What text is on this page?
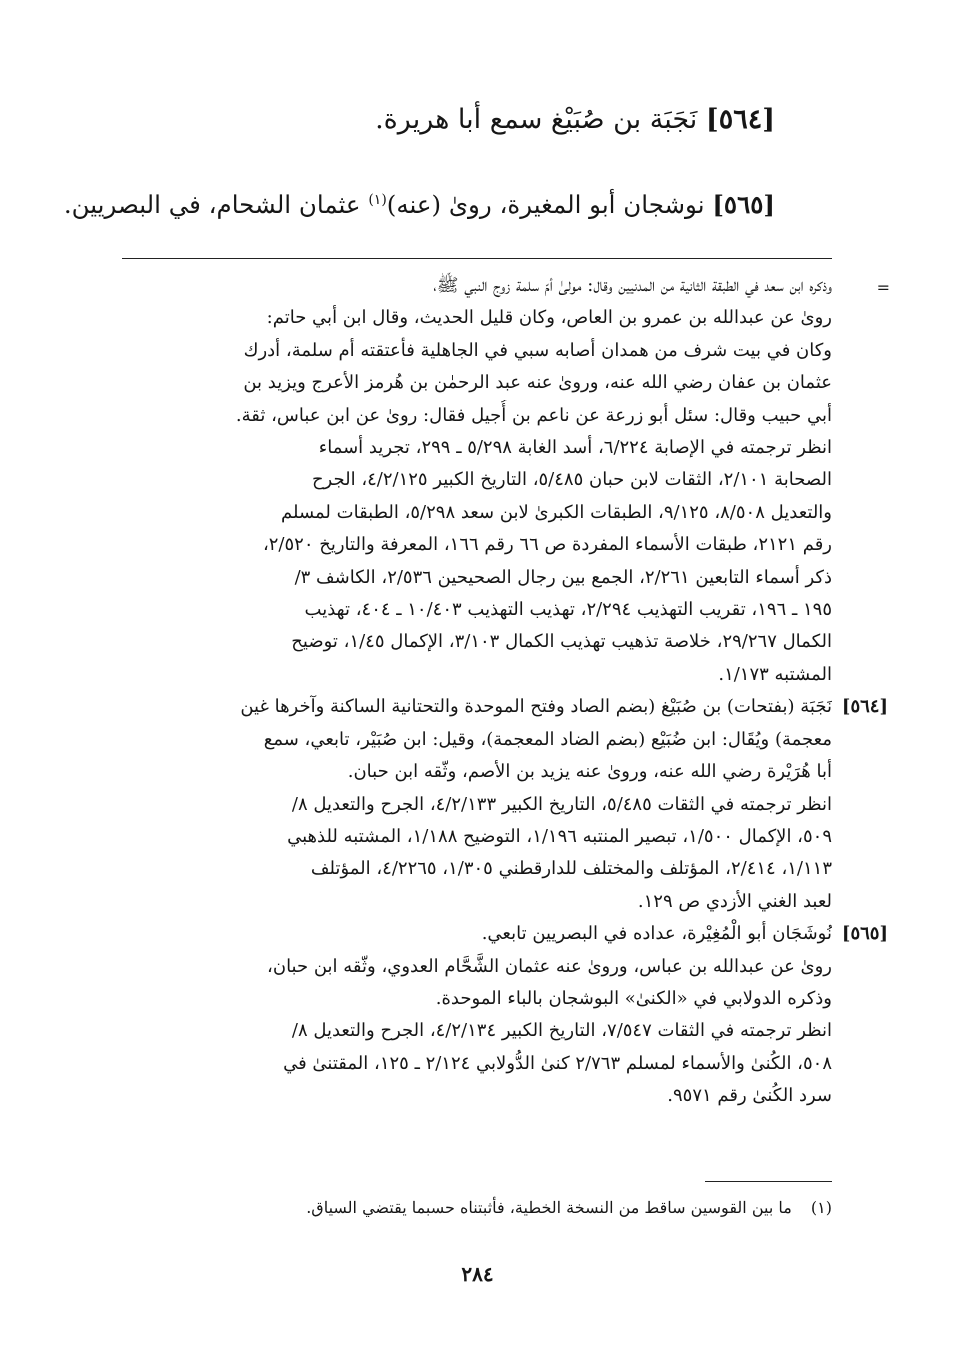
[٥٦٤] نَجَبَة بن صُبَيْغ سمع أبا هريرة.
[٥٦٥] نوشجان أبو المغيرة، روىٰ (عنه)$^{(١)}$ عثمان الشحام، في البصريين.
=
وذكره ابن سعد في الطبقة الثانية من المدنيين وقال: مولىٰ أمّ سلمة زوج النبي ﷺ،
روىٰ عن عبدالله بن عمرو بن العاص، وكان قليل الحديث، وقال ابن أبي حاتم:
وكان في بيت شرف من همدان أصابه سبي في الجاهلية فأعتقته أم سلمة، أدرك
عثمان بن عفان رضي الله عنه، وروىٰ عنه عبد الرحمٰن بن هُرمز الأعرج ويزيد بن
أبي حبيب وقال: سئل أبو زرعة عن ناعم بن أُجيل فقال: روىٰ عن ابن عباس، ثقة.
انظر ترجمته في الإصابة ٦/٢٢٤، أسد الغابة ٥/٢٩٨ ـ ٢٩٩، تجريد أسماء
الصحابة ٢/١٠١، الثقات لابن حبان ٥/٤٨٥، التاريخ الكبير ٤/٢/١٢٥، الجرح
والتعديل ٨/٥٠٨، ٩/١٢٥، الطبقات الكبرىٰ لابن سعد ٥/٢٩٨، الطبقات لمسلم
رقم ٢١٢١، طبقات الأسماء المفردة ص ٦٦ رقم ١٦٦، المعرفة والتاريخ ٢/٥٢٠،
ذكر أسماء التابعين ٢/٢٦١، الجمع بين رجال الصحيحين ٢/٥٣٦، الكاشف ٣/
١٩٥ ـ ١٩٦، تقريب التهذيب ٢/٢٩٤، تهذيب التهذيب ١٠/٤٠٣ ـ ٤٠٤، تهذيب
الكمال ٢٩/٢٦٧، خلاصة تذهيب تهذيب الكمال ٣/١٠٣، الإكمال ١/٤٥، توضيح
المشتبه ١/١٧٣.
[٥٦٤]
نَجَبَة (بفتحات) بن صُبَيْغ (بضم الصاد وفتح الموحدة والتحتانية الساكنة وآخرها غين
معجمة) ويُقَال: ابن ضُبَيْع (بضم الضاد المعجمة)، وقيل: ابن صُبَيْر، تابعي، سمع
أبا هُرَيْرة رضي الله عنه، وروىٰ عنه يزيد بن الأصم، وثّقه ابن حبان.
انظر ترجمته في الثقات ٥/٤٨٥، التاريخ الكبير ٤/٢/١٣٣، الجرح والتعديل ٨/
٥٠٩، الإكمال ١/٥٠٠، تبصير المنتبه ١/١٩٦، التوضيح ١/١٨٨، المشتبه للذهبي
١/١١٣، ٢/٤١٤، المؤتلف والمختلف للدارقطني ١/٣٠٥، ٤/٢٢٦٥، المؤتلف
لعبد الغني الأزدي ص ١٢٩.
[٥٦٥]
نُوشَجَان أبو الْمُغِيْرة، عداده في البصريين تابعي.
روىٰ عن عبدالله بن عباس، وروىٰ عنه عثمان الشَّحَّام العدوي، وثّقه ابن حبان،
وذكره الدولابي في «الكنىٰ» البوشجان بالباء الموحدة.
انظر ترجمته في الثقات ٧/٥٤٧، التاريخ الكبير ٤/٢/١٣٤، الجرح والتعديل ٨/
٥٠٨، الكُنىٰ والأسماء لمسلم ٢/٧٦٣ كنىٰ الدُّولابي ٢/١٢٤ ـ ١٢٥، المقتنىٰ في
سرد الكُنىٰ رقم ٩٥٧١.
(١) ما بين القوسين ساقط من النسخة الخطية، فأثبتناه حسبما يقتضي السياق.
٢٨٤
